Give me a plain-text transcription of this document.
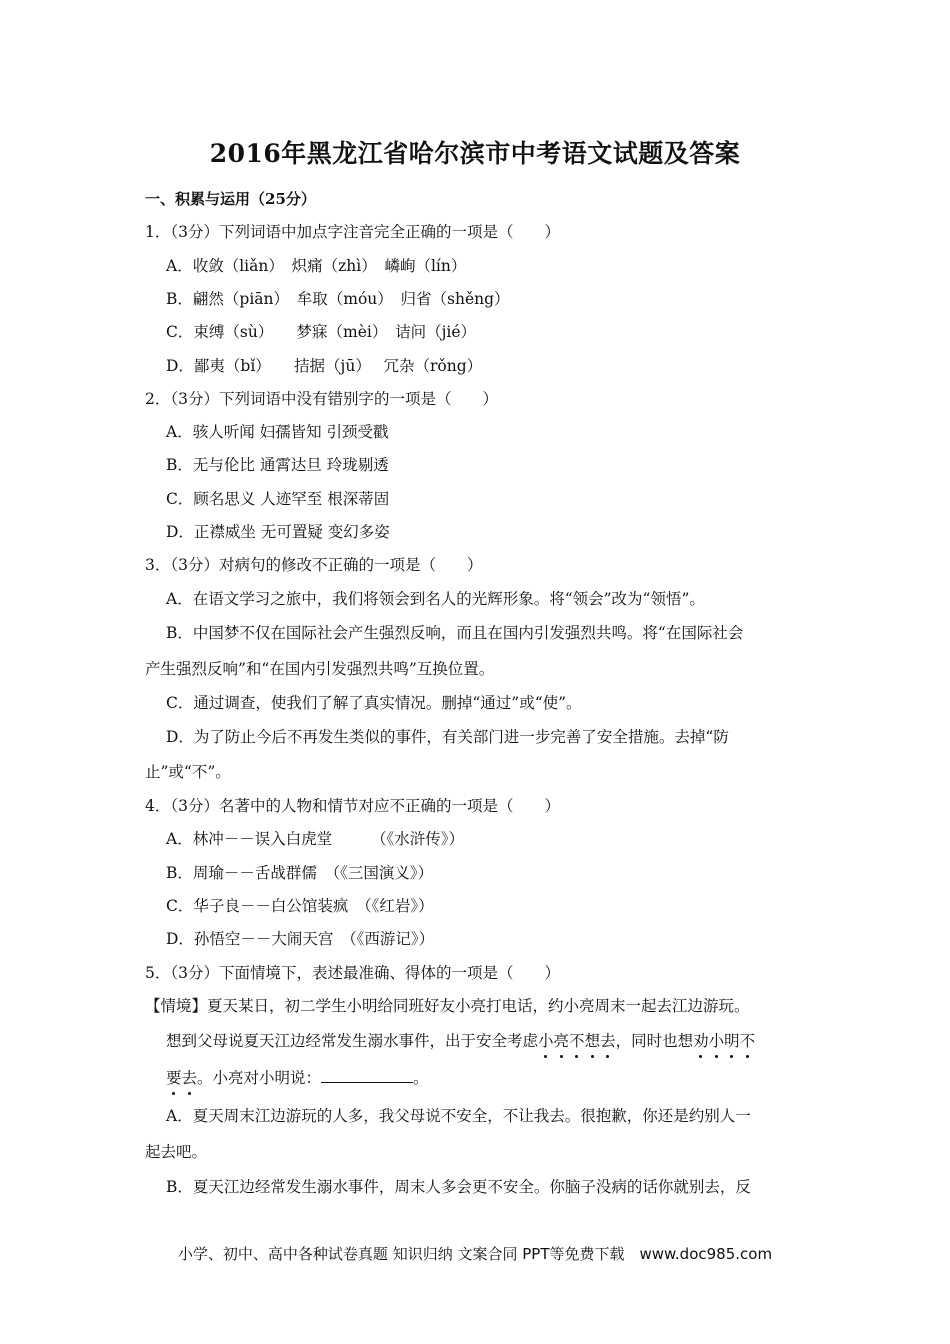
2016年黑龙江省哈尔滨市中考语文试题及答案
一、积累与运用（25分）
1．（3分）下列词语中加点字注音完全正确的一项是（　　）
A．收敛（liǎn）　炽痛（zhì）　嶙峋（lín）
B．翩然（piān）　牟取（móu）　归省（shěng）
C．束缚（sù）　　梦寐（mèi）　诘问（jié）
D．鄙夷（bǐ）　　拮据（jū）　 冗杂（rǒng）
2．（3分）下列词语中没有错别字的一项是（　　）
A．骇人听闻 妇孺皆知 引颈受戳
B．无与伦比 通霄达旦 玲珑剔透
C．顾名思义 人迹罕至 根深蒂固
D．正襟威坐 无可置疑 变幻多姿
3．（3分）对病句的修改不正确的一项是（　　）
A．在语文学习之旅中，我们将领会到名人的光辉形象。将“领会”改为“领悟”。
B．中国梦不仅在国际社会产生强烈反响，而且在国内引发强烈共鸣。将“在国际社会
产生强烈反响”和“在国内引发强烈共鸣”互换位置。
C．通过调查，使我们了解了真实情况。删掉“通过”或“使”。
D．为了防止今后不再发生类似的事件，有关部门进一步完善了安全措施。去掉“防
止”或“不”。
4．（3分）名著中的人物和情节对应不正确的一项是（　　）
A．林冲－－误入白虎堂　　　（《水浒传》）
B．周瑜－－舌战群儒　（《三国演义》）
C．华子良－－白公馆装疯　（《红岩》）
D．孙悟空－－大闹天宫　（《西游记》）
5．（3分）下面情境下，表述最准确、得体的一项是（　　）
【情境】夏天某日，初二学生小明给同班好友小亮打电话，约小亮周末一起去江边游玩。
想到父母说夏天江边经常发生溺水事件，出于安全考虑小亮不想去，同时也想劝小明不
要去。小亮对小明说：	。
A．夏天周末江边游玩的人多，我父母说不安全，不让我去。很抱歉，你还是约别人一
起去吧。
B．夏天江边经常发生溺水事件，周末人多会更不安全。你脑子没病的话你就别去，反
小学、初中、高中各种试卷真题 知识归纳 文案合同 PPT等免费下载　www.doc985.com
